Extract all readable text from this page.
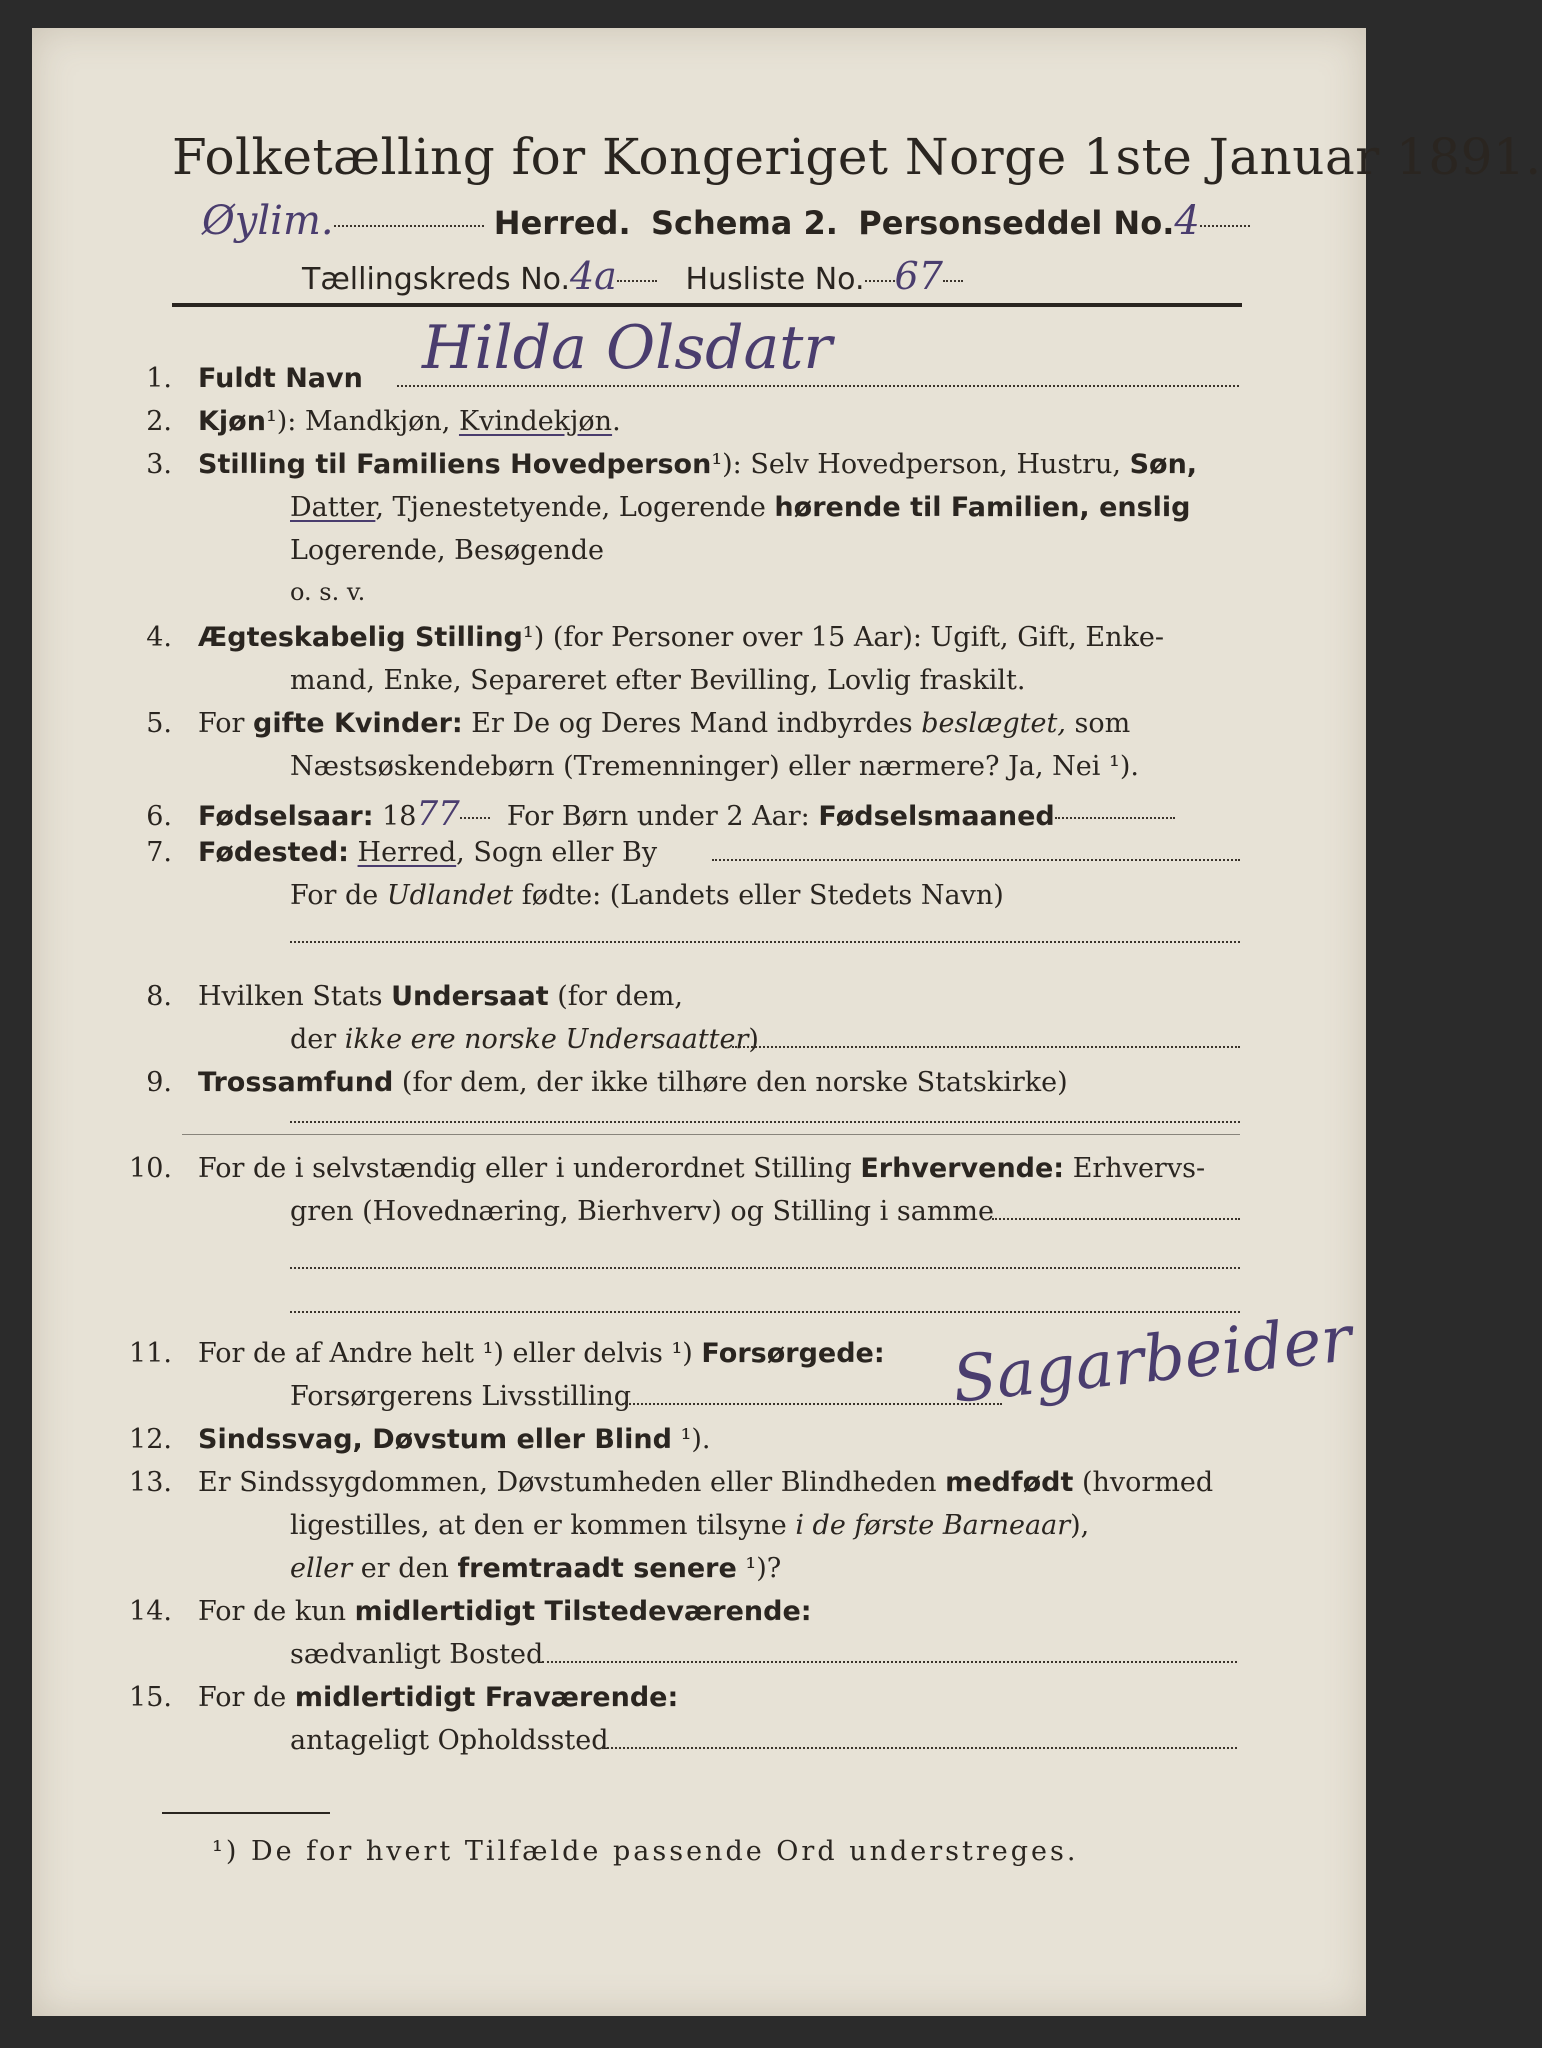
Folketælling for Kongeriget Norge 1ste Januar 1891.
Øylim.	Herred. Schema 2. Personseddel No.4
Tællingskreds No.4a Husliste No. 67
1. Fuldt Navn Hilda Olsdatr
2. Kjøn¹): Mandkjøn, Kvindekjøn.
3. Stilling til Familiens Hovedperson¹): Selv Hovedperson, Hustru, Søn,
Datter, Tjenestetyende, Logerende hørende til Familien, enslig
Logerende, Besøgende
o. s. v.
4. Ægteskabelig Stilling¹) (for Personer over 15 Aar): Ugift, Gift, Enke-
mand, Enke, Separeret efter Bevilling, Lovlig fraskilt.
5. For gifte Kvinder: Er De og Deres Mand indbyrdes beslægtet, som
Næstsøskendebørn (Tremenninger) eller nærmere? Ja, Nei ¹).
6. Fødselsaar: 1877 For Børn under 2 Aar: Fødselsmaaned
7. Fødested: Herred, Sogn eller By
For de Udlandet fødte: (Landets eller Stedets Navn)
8. Hvilken Stats Undersaat (for dem,
der ikke ere norske Undersaatter)
9. Trossamfund (for dem, der ikke tilhøre den norske Statskirke)
10. For de i selvstændig eller i underordnet Stilling Erhvervende: Erhvervs-
gren (Hovednæring, Bierhverv) og Stilling i samme
11. For de af Andre helt ¹) eller delvis ¹) Forsørgede:
Forsørgerens Livsstilling	Sagarbeider
12. Sindssvag, Døvstum eller Blind ¹).
13. Er Sindssygdommen, Døvstumheden eller Blindheden medfødt (hvormed
ligestilles, at den er kommen tilsyne i de første Barneaar),
eller er den fremtraadt senere ¹)?
14. For de kun midlertidigt Tilstedeværende:
sædvanligt Bosted
15. For de midlertidigt Fraværende:
antageligt Opholdssted
¹) De for hvert Tilfælde passende Ord understreges.
